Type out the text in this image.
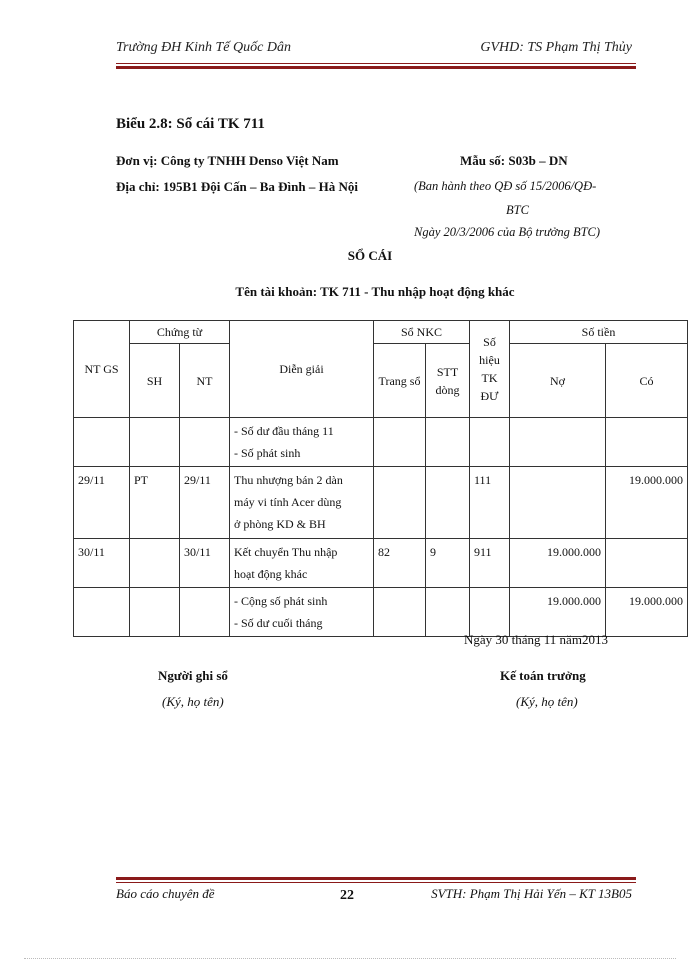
Trường ĐH Kinh Tế Quốc Dân	GVHD: TS Phạm Thị Thủy
Biểu 2.8: Sổ cái TK 711
Đơn vị: Công ty TNHH Denso Việt Nam
Địa chỉ: 195B1 Đội Cấn – Ba Đình – Hà Nội
Mẫu số: S03b – DN
(Ban hành theo QĐ số 15/2006/QĐ-
BTC
Ngày 20/3/2006 của Bộ trưởng BTC)
SỔ CÁI
Tên tài khoản: TK 711 - Thu nhập hoạt động khác
NT GS	Chứng từ		Diễn giải	Sổ NKC		Số hiệu TK ĐƯ	Số tiền	
	SH	NT		Trang sổ	STT dòng		Nợ	Có

			- Số dư đầu tháng 11
- Số phát sinh					

29/11	PT	29/11	Thu nhượng bán 2 dàn
máy vi tính Acer dùng
ở phòng KD & BH			111		19.000.000
30/11		30/11	Kết chuyển Thu nhập
hoạt động khác	82	9	911	19.000.000	

			- Cộng số phát sinh
- Số dư cuối tháng				19.000.000	19.000.000
Ngày 30 tháng 11 năm2013
Người ghi sổ
(Ký, họ tên)
Kế toán trưởng
(Ký, họ tên)
Báo cáo chuyên đề	22	SVTH: Phạm Thị Hải Yến – KT 13B05
